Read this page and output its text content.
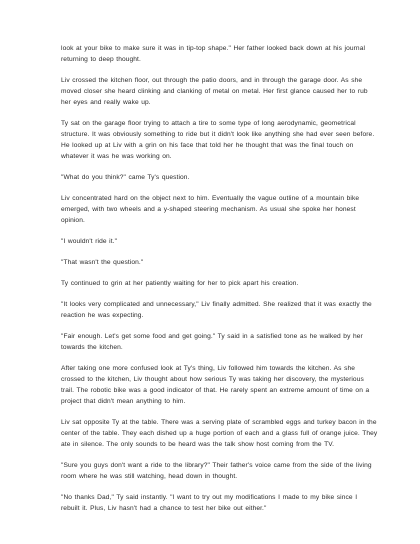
look at your bike to make sure it was in tip-top shape." Her father looked back down at his journal returning to deep thought.

Liv crossed the kitchen floor, out through the patio doors, and in through the garage door. As she moved closer she heard clinking and clanking of metal on metal. Her first glance caused her to rub her eyes and really wake up.

Ty sat on the garage floor trying to attach a tire to some type of long aerodynamic, geometrical structure. It was obviously something to ride but it didn't look like anything she had ever seen before. He looked up at Liv with a grin on his face that told her he thought that was the final touch on whatever it was he was working on.

"What do you think?" came Ty's question.

Liv concentrated hard on the object next to him. Eventually the vague outline of a mountain bike emerged, with two wheels and a y-shaped steering mechanism. As usual she spoke her honest opinion.

"I wouldn't ride it."

"That wasn't the question."

Ty continued to grin at her patiently waiting for her to pick apart his creation.

"It looks very complicated and unnecessary," Liv finally admitted. She realized that it was exactly the reaction he was expecting.

"Fair enough. Let's get some food and get going." Ty said in a satisfied tone as he walked by her towards the kitchen.

After taking one more confused look at Ty's thing, Liv followed him towards the kitchen. As she crossed to the kitchen, Liv thought about how serious Ty was taking her discovery, the mysterious trail. The robotic bike was a good indicator of that. He rarely spent an extreme amount of time on a project that didn't mean anything to him.

Liv sat opposite Ty at the table. There was a serving plate of scrambled eggs and turkey bacon in the center of the table. They each dished up a huge portion of each and a glass full of orange juice. They ate in silence. The only sounds to be heard was the talk show host coming from the TV.

"Sure you guys don't want a ride to the library?" Their father's voice came from the side of the living room where he was still watching, head down in thought.

"No thanks Dad," Ty said instantly. "I want to try out my modifications I made to my bike since I rebuilt it. Plus, Liv hasn't had a chance to test her bike out either."
